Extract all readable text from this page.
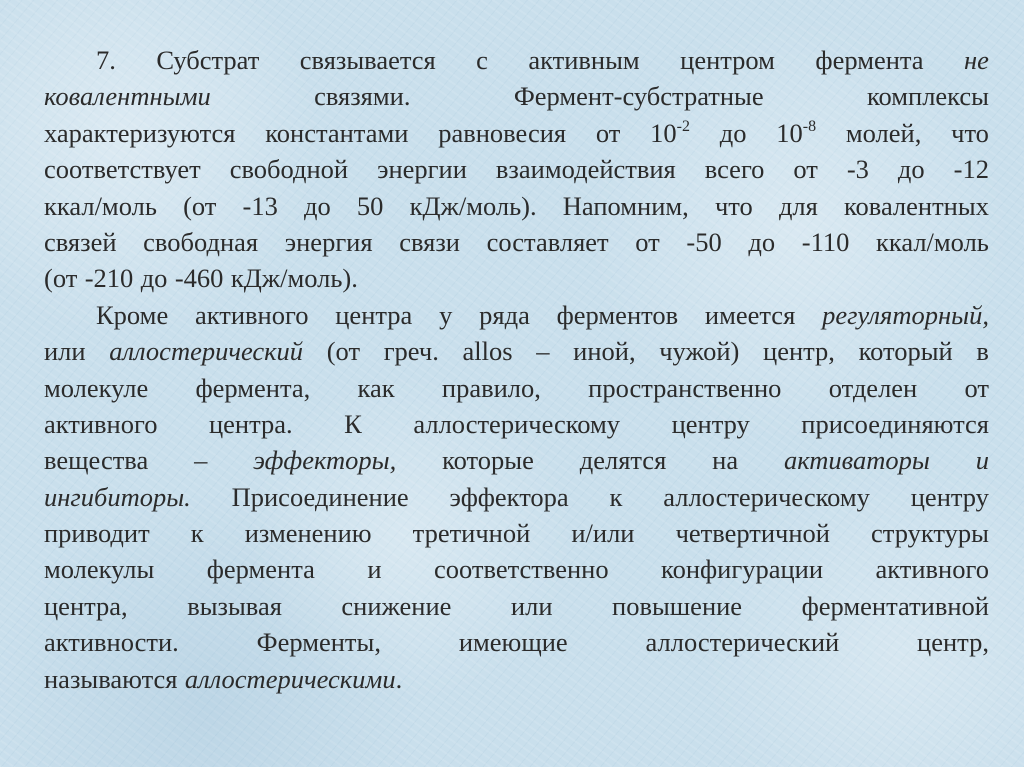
7. Субстрат связывается с активным центром фермента не
ковалентными	связями.	Фермент-субстратные	комплексы
характеризуются константами равновесия от $10^{-2}$ до $10^{-8}$ молей, что
соответствует свободной энергии взаимодействия всего от -3 до -12
ккал/моль (от -13 до 50 кДж/моль). Напомним, что для ковалентных
связей свободная энергия связи составляет от -50 до -110 ккал/моль
(от -210 до -460 кДж/моль).
Кроме активного центра у ряда ферментов имеется регуляторный,
или аллостерический (от греч. allos – иной, чужой) центр, который в
молекуле фермента, как правило, пространственно отделен от
активного центра. К аллостерическому центру присоединяются
вещества – эффекторы, которые делятся на активаторы и
ингибиторы. Присоединение эффектора к аллостерическому центру
приводит к изменению третичной и/или четвертичной структуры
молекулы фермента и соответственно конфигурации активного
центра, вызывая снижение или повышение ферментативной
активности.	Ферменты,	имеющие	аллостерический	центр,
называются аллостерическими .
